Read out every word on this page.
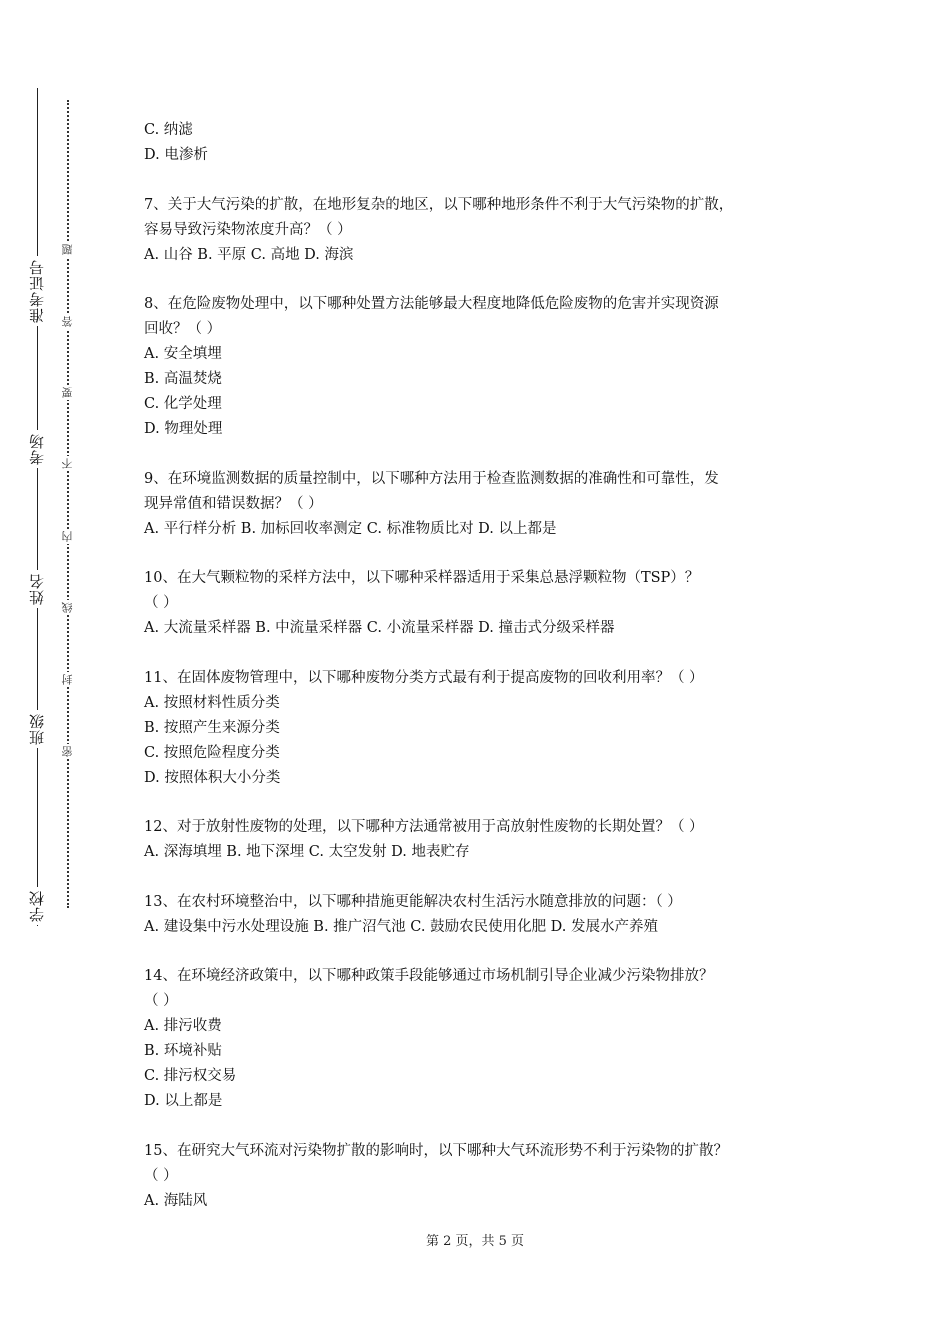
学校
班级
姓名
考场
准考证号
密
封
线
内
不
要
答
题
C. 纳滤
D. 电渗析
7、关于大气污染的扩散，在地形复杂的地区，以下哪种地形条件不利于大气污染物的扩散，
容易导致污染物浓度升高？（ ）
A. 山谷 B. 平原 C. 高地 D. 海滨
8、在危险废物处理中，以下哪种处置方法能够最大程度地降低危险废物的危害并实现资源
回收？（ ）
A. 安全填埋
B. 高温焚烧
C. 化学处理
D. 物理处理
9、在环境监测数据的质量控制中，以下哪种方法用于检查监测数据的准确性和可靠性，发
现异常值和错误数据？（ ）
A. 平行样分析 B. 加标回收率测定 C. 标准物质比对 D. 以上都是
10、在大气颗粒物的采样方法中，以下哪种采样器适用于采集总悬浮颗粒物（TSP）？
（ ）
A. 大流量采样器 B. 中流量采样器 C. 小流量采样器 D. 撞击式分级采样器
11、在固体废物管理中，以下哪种废物分类方式最有利于提高废物的回收利用率？（ ）
A. 按照材料性质分类
B. 按照产生来源分类
C. 按照危险程度分类
D. 按照体积大小分类
12、对于放射性废物的处理，以下哪种方法通常被用于高放射性废物的长期处置？（ ）
A. 深海填埋 B. 地下深埋 C. 太空发射 D. 地表贮存
13、在农村环境整治中，以下哪种措施更能解决农村生活污水随意排放的问题：（ ）
A. 建设集中污水处理设施 B. 推广沼气池 C. 鼓励农民使用化肥 D. 发展水产养殖
14、在环境经济政策中，以下哪种政策手段能够通过市场机制引导企业减少污染物排放？
（ ）
A. 排污收费
B. 环境补贴
C. 排污权交易
D. 以上都是
15、在研究大气环流对污染物扩散的影响时，以下哪种大气环流形势不利于污染物的扩散？
（ ）
A. 海陆风
第 2 页，共 5 页
